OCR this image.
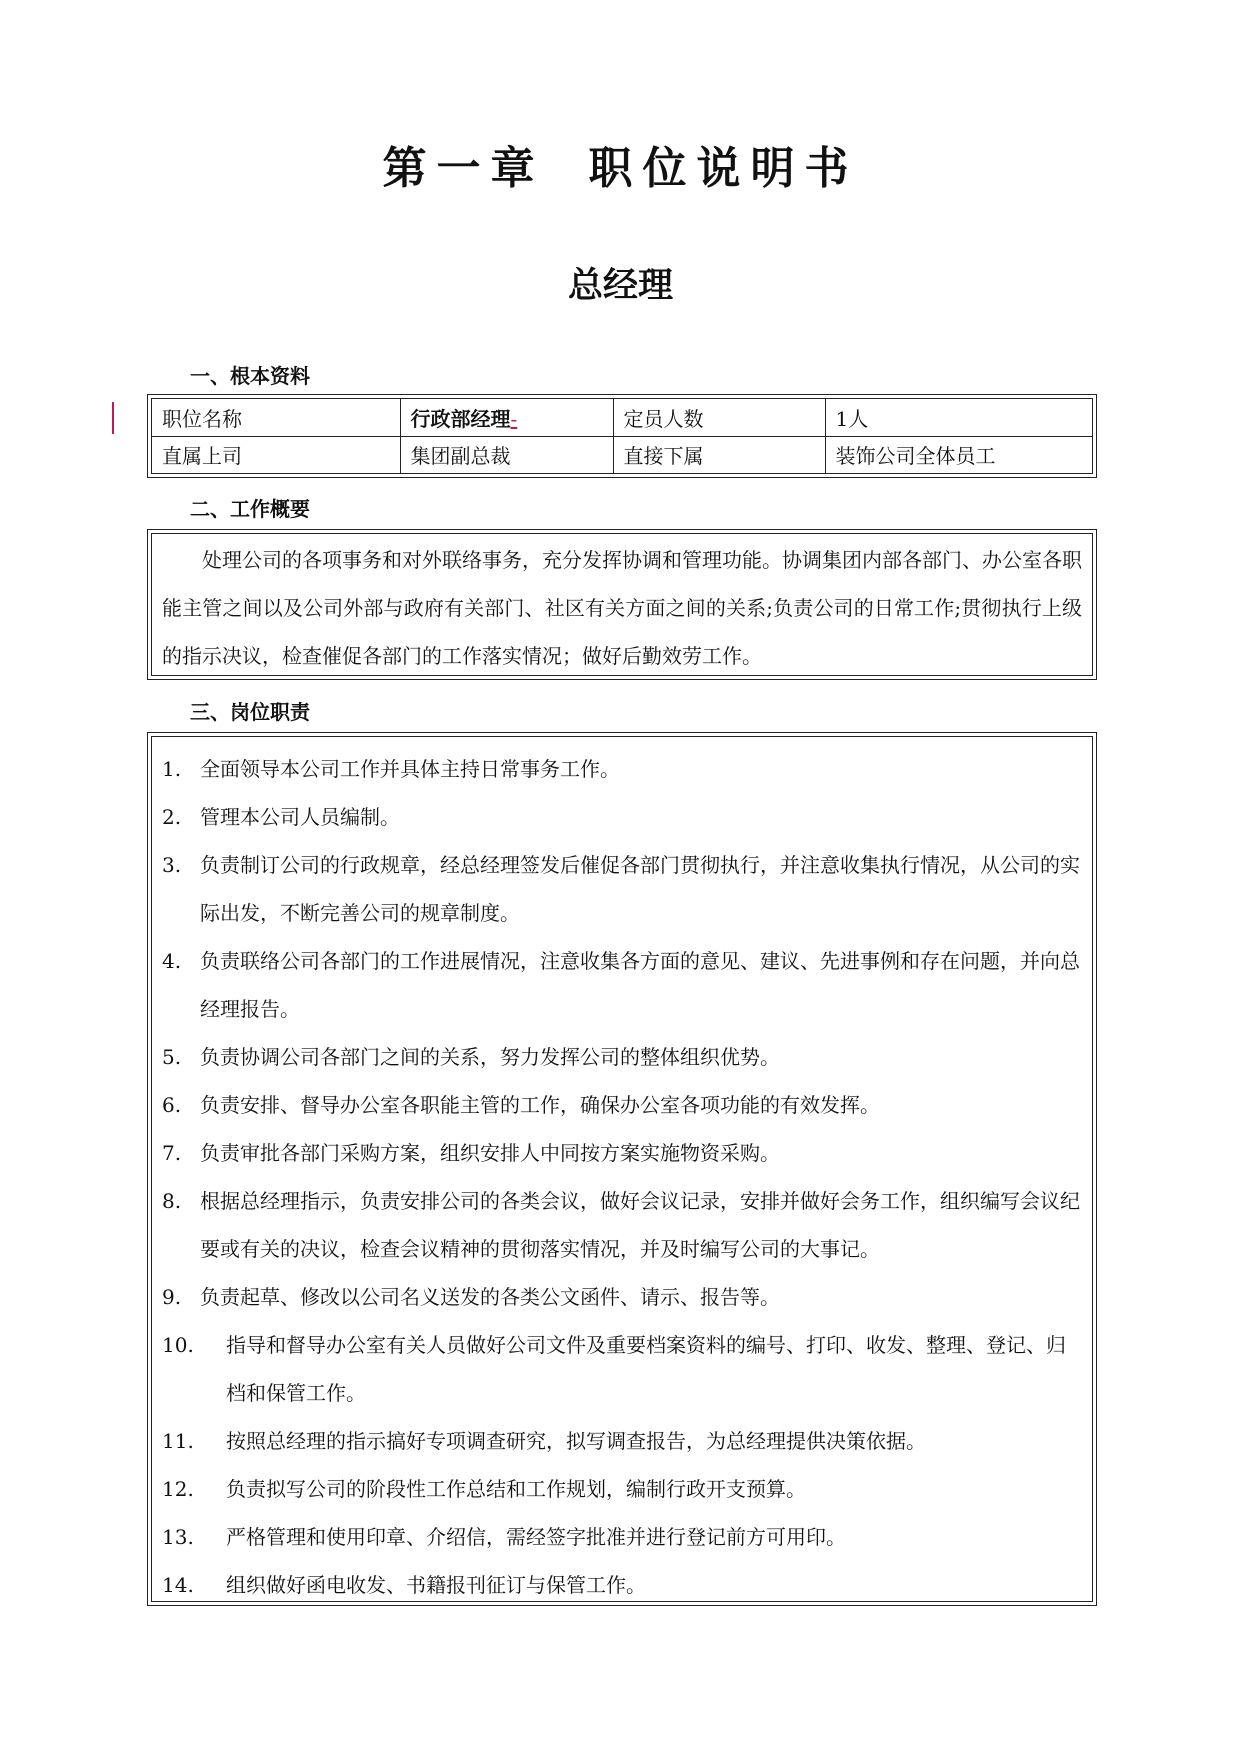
第一章 职位说明书
总经理
一、根本资料
职位名称	行政部经理-	定员人数	1人
直属上司	集团副总裁	直接下属	装饰公司全体员工
二、工作概要

处理公司的各项事务和对外联络事务，充分发挥协调和管理功能。协调集团内部各部门、办公室各职能主管之间以及公司外部与政府有关部门、社区有关方面之间的关系;负责公司的日常工作;贯彻执行上级的指示决议，检查催促各部门的工作落实情况；做好后勤效劳工作。

三、岗位职责
1. 全面领导本公司工作并具体主持日常事务工作。
2. 管理本公司人员编制。
3. 负责制订公司的行政规章，经总经理签发后催促各部门贯彻执行，并注意收集执行情况，从公司的实际出发，不断完善公司的规章制度。
4. 负责联络公司各部门的工作进展情况，注意收集各方面的意见、建议、先进事例和存在问题，并向总经理报告。
5. 负责协调公司各部门之间的关系，努力发挥公司的整体组织优势。
6. 负责安排、督导办公室各职能主管的工作，确保办公室各项功能的有效发挥。
7. 负责审批各部门采购方案，组织安排人中同按方案实施物资采购。
8. 根据总经理指示，负责安排公司的各类会议，做好会议记录，安排并做好会务工作，组织编写会议纪要或有关的决议，检查会议精神的贯彻落实情况，并及时编写公司的大事记。
9. 负责起草、修改以公司名义送发的各类公文函件、请示、报告等。
10.	指导和督导办公室有关人员做好公司文件及重要档案资料的编号、打印、收发、整理、登记、归档和保管工作。
11.	按照总经理的指示搞好专项调查研究，拟写调查报告，为总经理提供决策依据。
12.	负责拟写公司的阶段性工作总结和工作规划，编制行政开支预算。
13.	严格管理和使用印章、介绍信，需经签字批准并进行登记前方可用印。
14.	组织做好函电收发、书籍报刊征订与保管工作。
